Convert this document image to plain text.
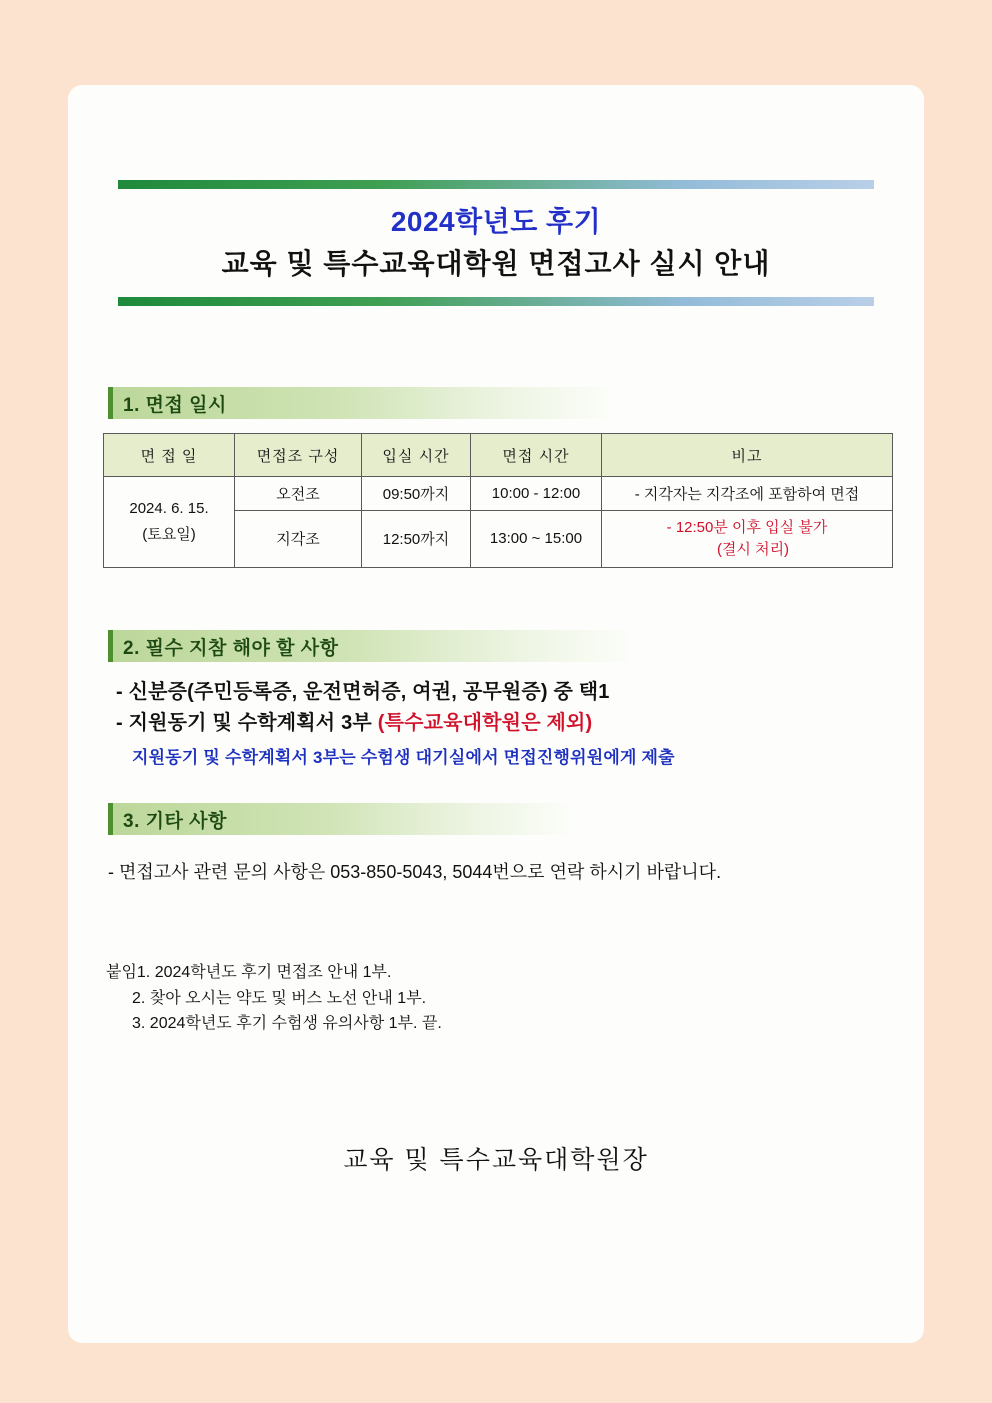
2024학년도 후기
교육 및 특수교육대학원 면접고사 실시 안내
1. 면접 일시
면 접 일	면접조 구성	입실 시간	면접 시간	비고

2024. 6. 15.
(토요일)	오전조	09:50까지	10:00 - 12:00	- 지각자는 지각조에 포함하여 면접
	지각조	12:50까지	13:00 ~ 15:00	- 12:50분 이후 입실 불가
(결시 처리)
2. 필수 지참 해야 할 사항
- 신분증(주민등록증, 운전면허증, 여권, 공무원증) 중 택1
- 지원동기 및 수학계획서 3부 (특수교육대학원은 제외)
지원동기 및 수학계획서 3부는 수험생 대기실에서 면접진행위원에게 제출
3. 기타 사항
- 면접고사 관련 문의 사항은 053-850-5043, 5044번으로 연락 하시기 바랍니다.
붙임1. 2024학년도 후기 면접조 안내 1부.
2. 찾아 오시는 약도 및 버스 노선 안내 1부.
3. 2024학년도 후기 수험생 유의사항 1부. 끝.
교육 및 특수교육대학원장
